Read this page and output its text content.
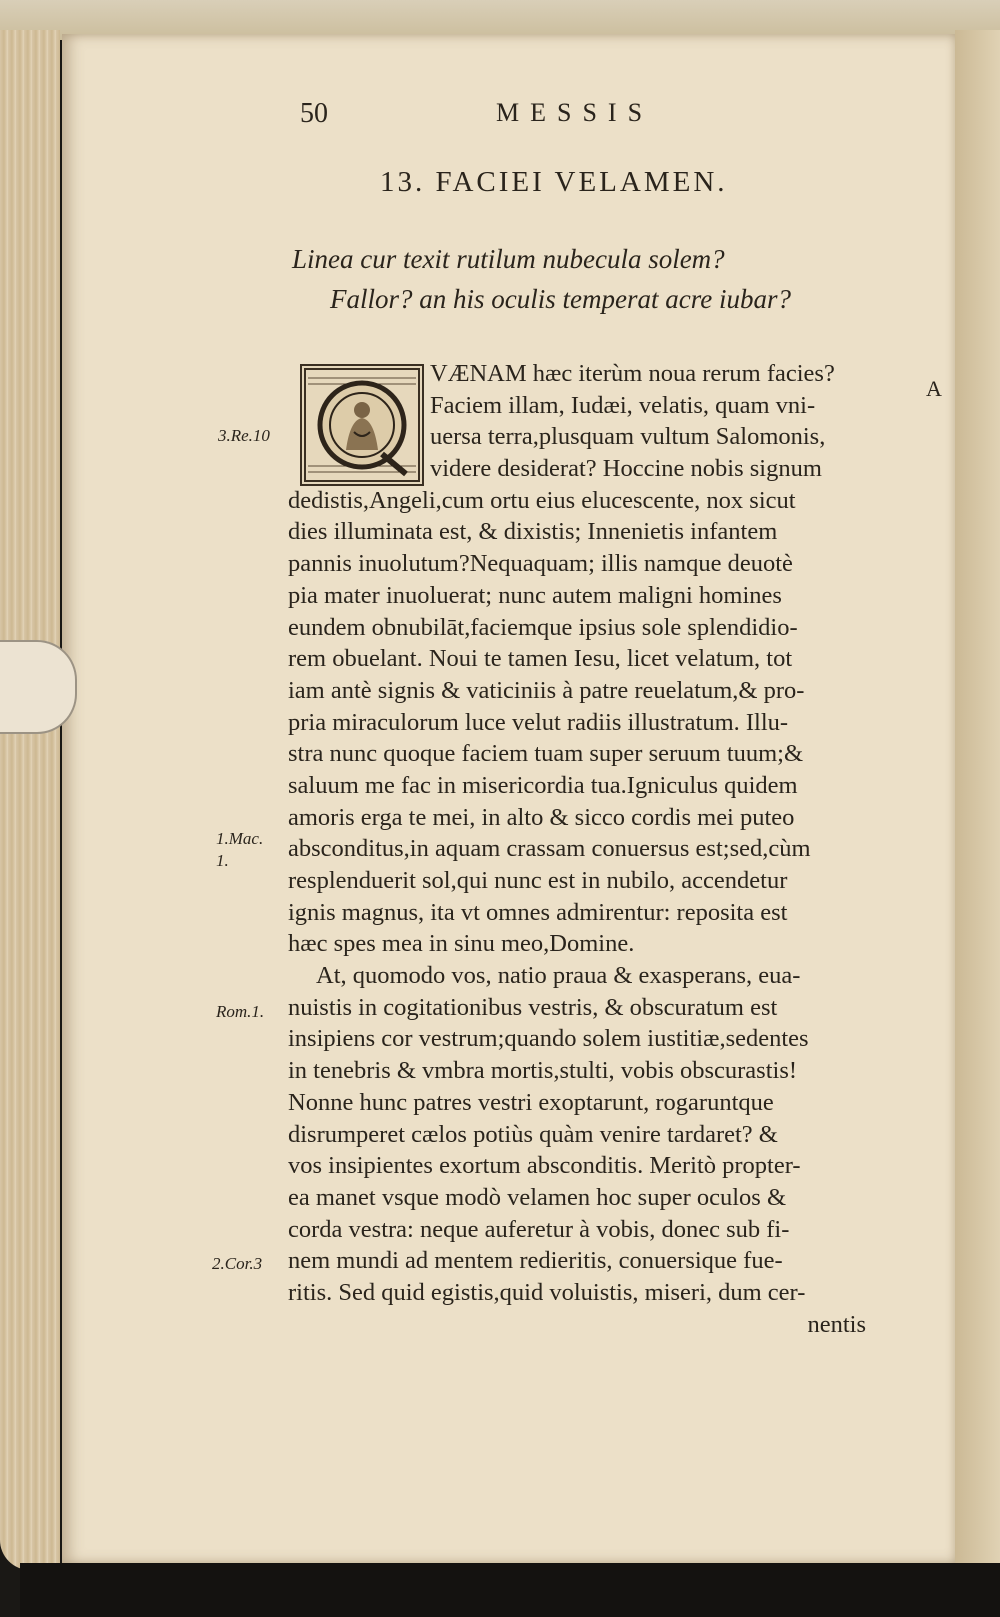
50	MESSIS
13. FACIEI VELAMEN.
Linea cur texit rutilum nubecula solem?
Fallor? an his oculis temperat acre iubar?
VÆNAM hæc iterùm noua rerum facies?
Faciem illam, Iudæi, velatis, quam vni-
uersa terra,plusquam vultum Salomonis,
videre desiderat? Hoccine nobis signum
dedistis,Angeli,cum ortu eius elucescente, nox sicut
dies illuminata est, & dixistis; Innenietis infantem
pannis inuolutum?Nequaquam; illis namque deuotè
pia mater inuoluerat; nunc autem maligni homines
eundem obnubilāt,faciemque ipsius sole splendidio-
rem obuelant. Noui te tamen Iesu, licet velatum, tot
iam antè signis & vaticiniis à patre reuelatum,& pro-
pria miraculorum luce velut radiis illustratum. Illu-
stra nunc quoque faciem tuam super seruum tuum;&
saluum me fac in misericordia tua.Igniculus quidem
amoris erga te mei, in alto & sicco cordis mei puteo
absconditus,in aquam crassam conuersus est;sed,cùm
resplenduerit sol,qui nunc est in nubilo, accendetur
ignis magnus, ita vt omnes admirentur: reposita est
hæc spes mea in sinu meo,Domine.
At, quomodo vos, natio praua & exasperans, eua-
nuistis in cogitationibus vestris, & obscuratum est
insipiens cor vestrum;quando solem iustitiæ,sedentes
in tenebris & vmbra mortis,stulti, vobis obscurastis!
Nonne hunc patres vestri exoptarunt, rogaruntque
disrumperet cælos potiùs quàm venire tardaret? &
vos insipientes exortum absconditis. Meritò propter-
ea manet vsque modò velamen hoc super oculos &
corda vestra: neque auferetur à vobis, donec sub fi-
nem mundi ad mentem redieritis, conuersique fue-
ritis. Sed quid egistis,quid voluistis, miseri, dum cer-
nentis
3.Re.10
1.Mac. 1.
Rom.1.
2.Cor.3
A
